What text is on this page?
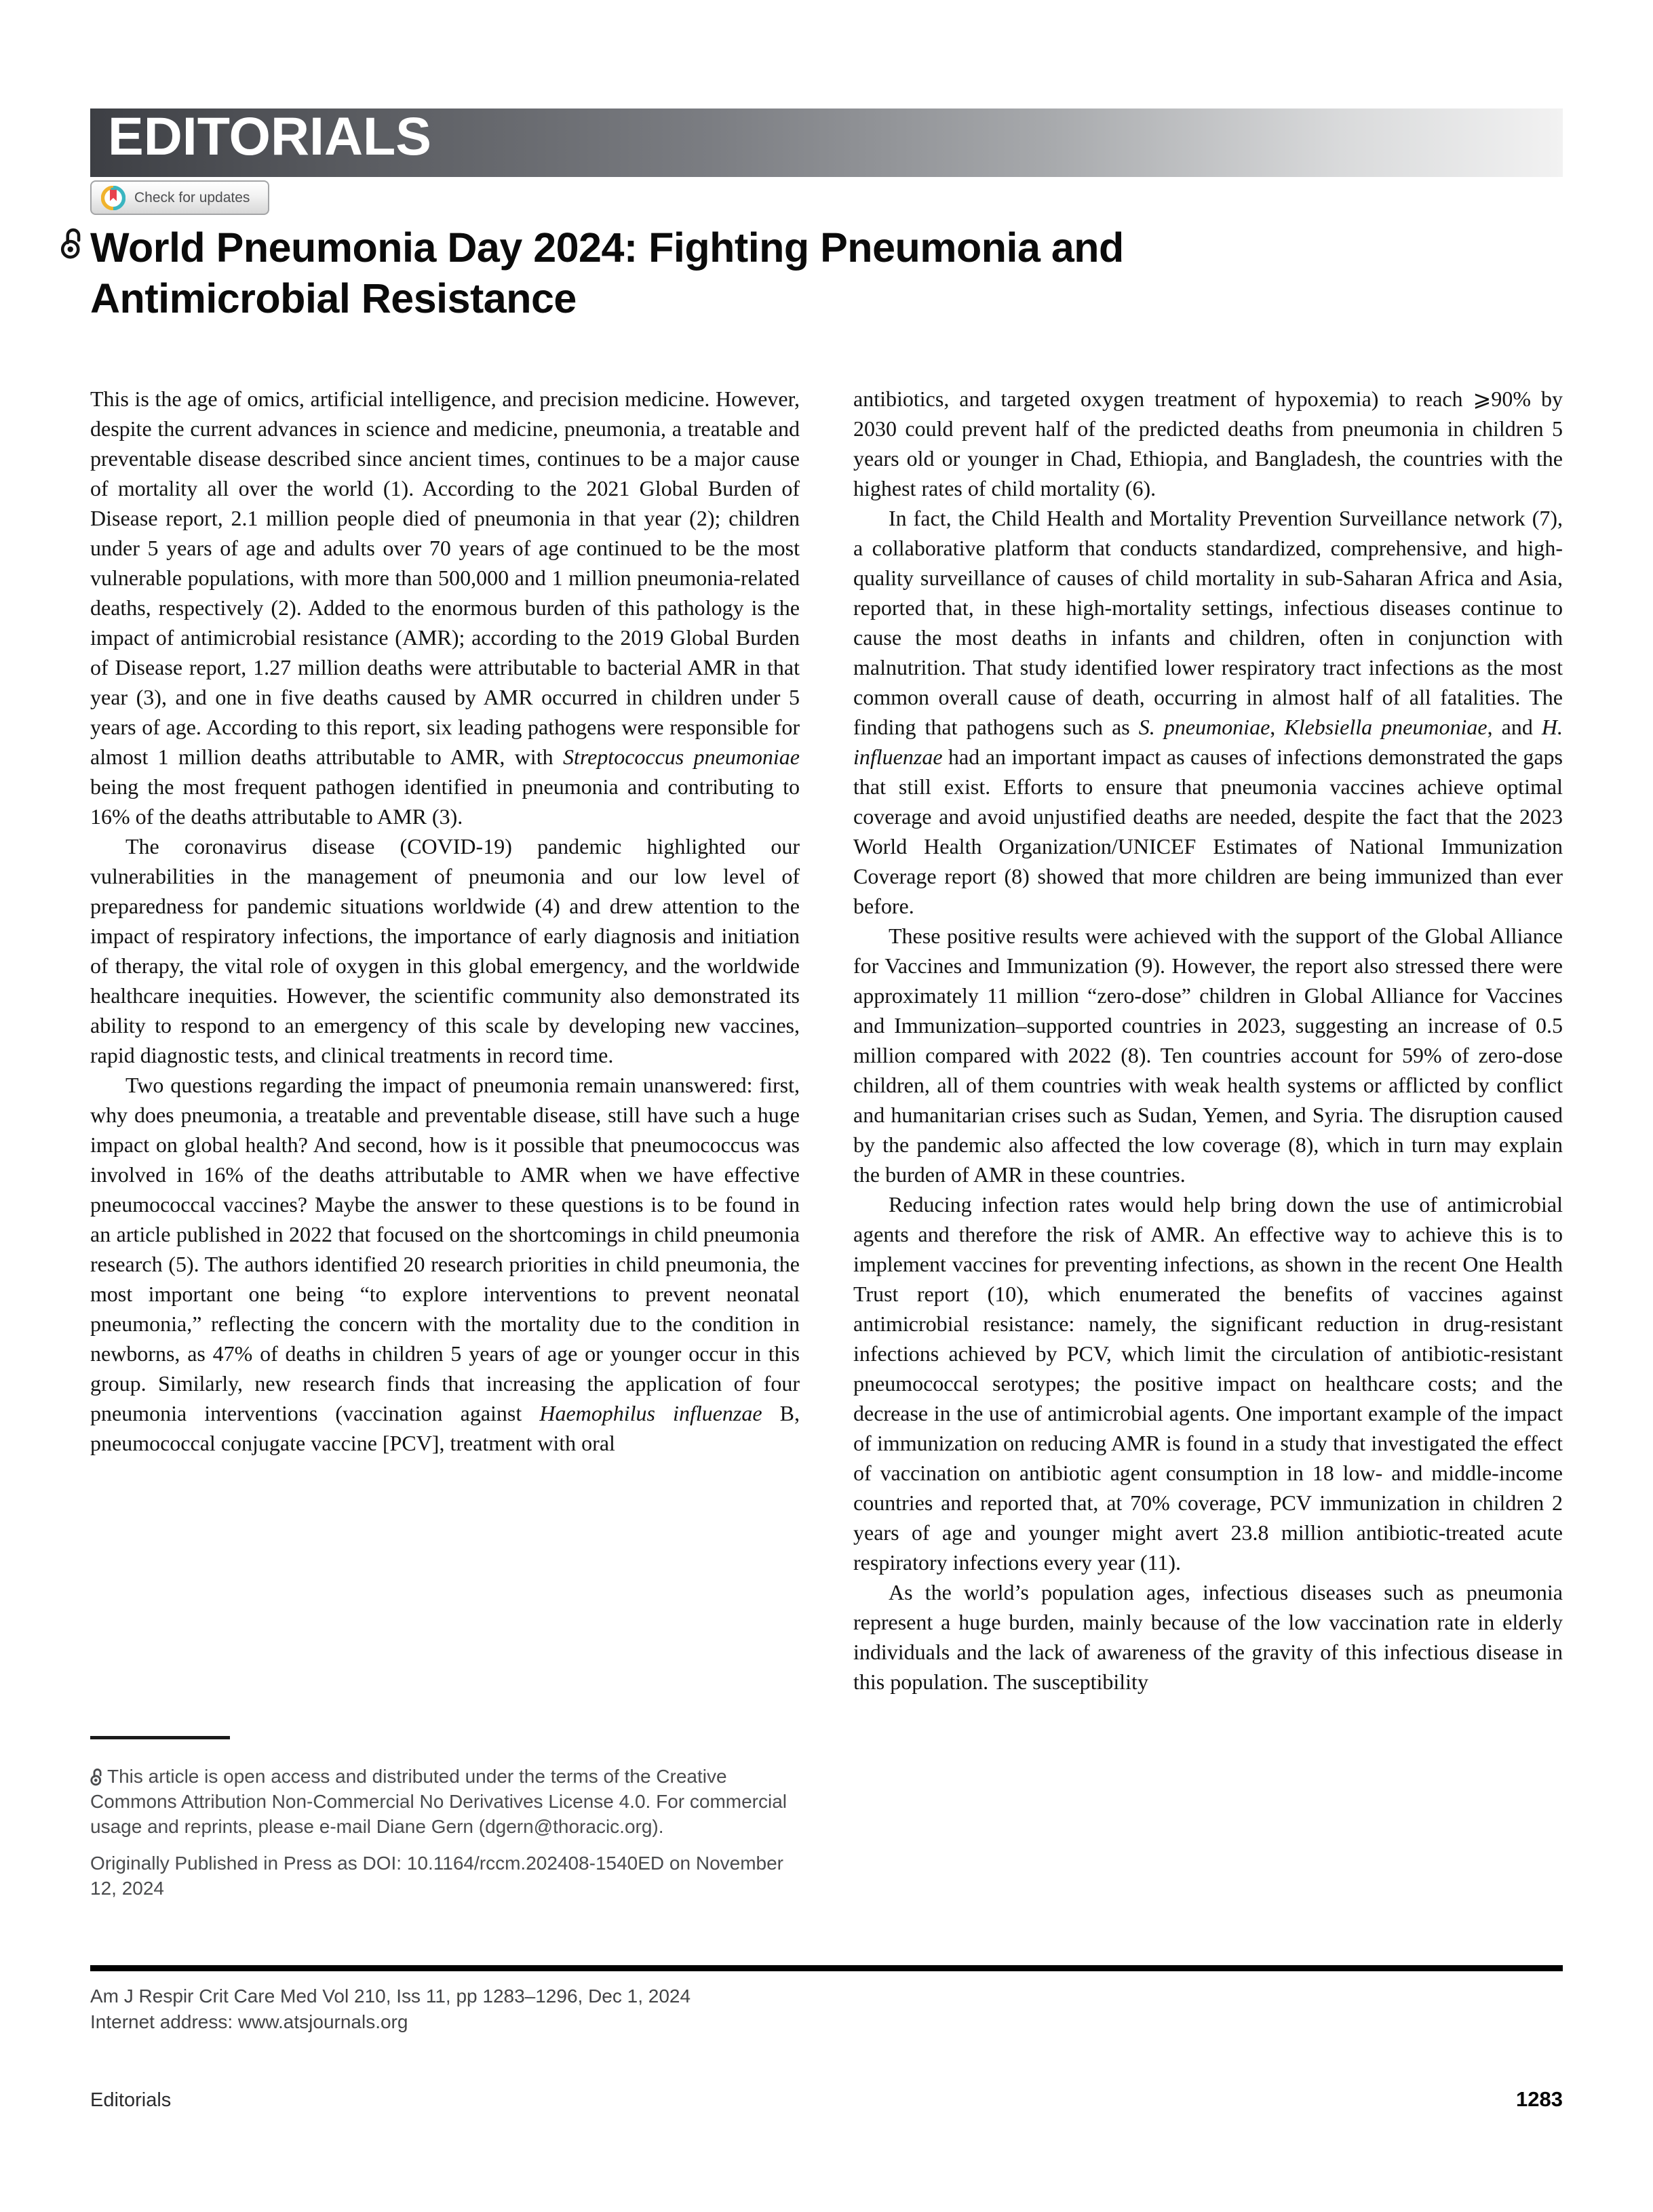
EDITORIALS
Check for updates
World Pneumonia Day 2024: Fighting Pneumonia and Antimicrobial Resistance

This is the age of omics, artificial intelligence, and precision medicine. However, despite the current advances in science and medicine, pneumonia, a treatable and preventable disease described since ancient times, continues to be a major cause of mortality all over the world (1). According to the 2021 Global Burden of Disease report, 2.1 million people died of pneumonia in that year (2); children under 5 years of age and adults over 70 years of age continued to be the most vulnerable populations, with more than 500,000 and 1 million pneumonia-related deaths, respectively (2). Added to the enormous burden of this pathology is the impact of antimicrobial resistance (AMR); according to the 2019 Global Burden of Disease report, 1.27 million deaths were attributable to bacterial AMR in that year (3), and one in five deaths caused by AMR occurred in children under 5 years of age. According to this report, six leading pathogens were responsible for almost 1 million deaths attributable to AMR, with Streptococcus pneumoniae being the most frequent pathogen identified in pneumonia and contributing to 16% of the deaths attributable to AMR (3).

The coronavirus disease (COVID-19) pandemic highlighted our vulnerabilities in the management of pneumonia and our low level of preparedness for pandemic situations worldwide (4) and drew attention to the impact of respiratory infections, the importance of early diagnosis and initiation of therapy, the vital role of oxygen in this global emergency, and the worldwide healthcare inequities. However, the scientific community also demonstrated its ability to respond to an emergency of this scale by developing new vaccines, rapid diagnostic tests, and clinical treatments in record time.

Two questions regarding the impact of pneumonia remain unanswered: first, why does pneumonia, a treatable and preventable disease, still have such a huge impact on global health? And second, how is it possible that pneumococcus was involved in 16% of the deaths attributable to AMR when we have effective pneumococcal vaccines? Maybe the answer to these questions is to be found in an article published in 2022 that focused on the shortcomings in child pneumonia research (5). The authors identified 20 research priorities in child pneumonia, the most important one being “to explore interventions to prevent neonatal pneumonia,” reflecting the concern with the mortality due to the condition in newborns, as 47% of deaths in children 5 years of age or younger occur in this group. Similarly, new research finds that increasing the application of four pneumonia interventions (vaccination against Haemophilus influenzae B, pneumococcal conjugate vaccine [PCV], treatment with oral

antibiotics, and targeted oxygen treatment of hypoxemia) to reach ⩾90% by 2030 could prevent half of the predicted deaths from pneumonia in children 5 years old or younger in Chad, Ethiopia, and Bangladesh, the countries with the highest rates of child mortality (6).

In fact, the Child Health and Mortality Prevention Surveillance network (7), a collaborative platform that conducts standardized, comprehensive, and high-quality surveillance of causes of child mortality in sub-Saharan Africa and Asia, reported that, in these high-mortality settings, infectious diseases continue to cause the most deaths in infants and children, often in conjunction with malnutrition. That study identified lower respiratory tract infections as the most common overall cause of death, occurring in almost half of all fatalities. The finding that pathogens such as S. pneumoniae, Klebsiella pneumoniae, and H. influenzae had an important impact as causes of infections demonstrated the gaps that still exist. Efforts to ensure that pneumonia vaccines achieve optimal coverage and avoid unjustified deaths are needed, despite the fact that the 2023 World Health Organization/UNICEF Estimates of National Immunization Coverage report (8) showed that more children are being immunized than ever before.

These positive results were achieved with the support of the Global Alliance for Vaccines and Immunization (9). However, the report also stressed there were approximately 11 million “zero-dose” children in Global Alliance for Vaccines and Immunization–supported countries in 2023, suggesting an increase of 0.5 million compared with 2022 (8). Ten countries account for 59% of zero-dose children, all of them countries with weak health systems or afflicted by conflict and humanitarian crises such as Sudan, Yemen, and Syria. The disruption caused by the pandemic also affected the low coverage (8), which in turn may explain the burden of AMR in these countries.

Reducing infection rates would help bring down the use of antimicrobial agents and therefore the risk of AMR. An effective way to achieve this is to implement vaccines for preventing infections, as shown in the recent One Health Trust report (10), which enumerated the benefits of vaccines against antimicrobial resistance: namely, the significant reduction in drug-resistant infections achieved by PCV, which limit the circulation of antibiotic-resistant pneumococcal serotypes; the positive impact on healthcare costs; and the decrease in the use of antimicrobial agents. One important example of the impact of immunization on reducing AMR is found in a study that investigated the effect of vaccination on antibiotic agent consumption in 18 low- and middle-income countries and reported that, at 70% coverage, PCV immunization in children 2 years of age and younger might avert 23.8 million antibiotic-treated acute respiratory infections every year (11).

As the world’s population ages, infectious diseases such as pneumonia represent a huge burden, mainly because of the low vaccination rate in elderly individuals and the lack of awareness of the gravity of this infectious disease in this population. The susceptibility

This article is open access and distributed under the terms of the Creative Commons Attribution Non-Commercial No Derivatives License 4.0. For commercial usage and reprints, please e-mail Diane Gern (dgern@thoracic.org).

Originally Published in Press as DOI: 10.1164/rccm.202408-1540ED on November 12, 2024

Am J Respir Crit Care Med Vol 210, Iss 11, pp 1283–1296, Dec 1, 2024
Internet address: www.atsjournals.org
Editorials	1283
